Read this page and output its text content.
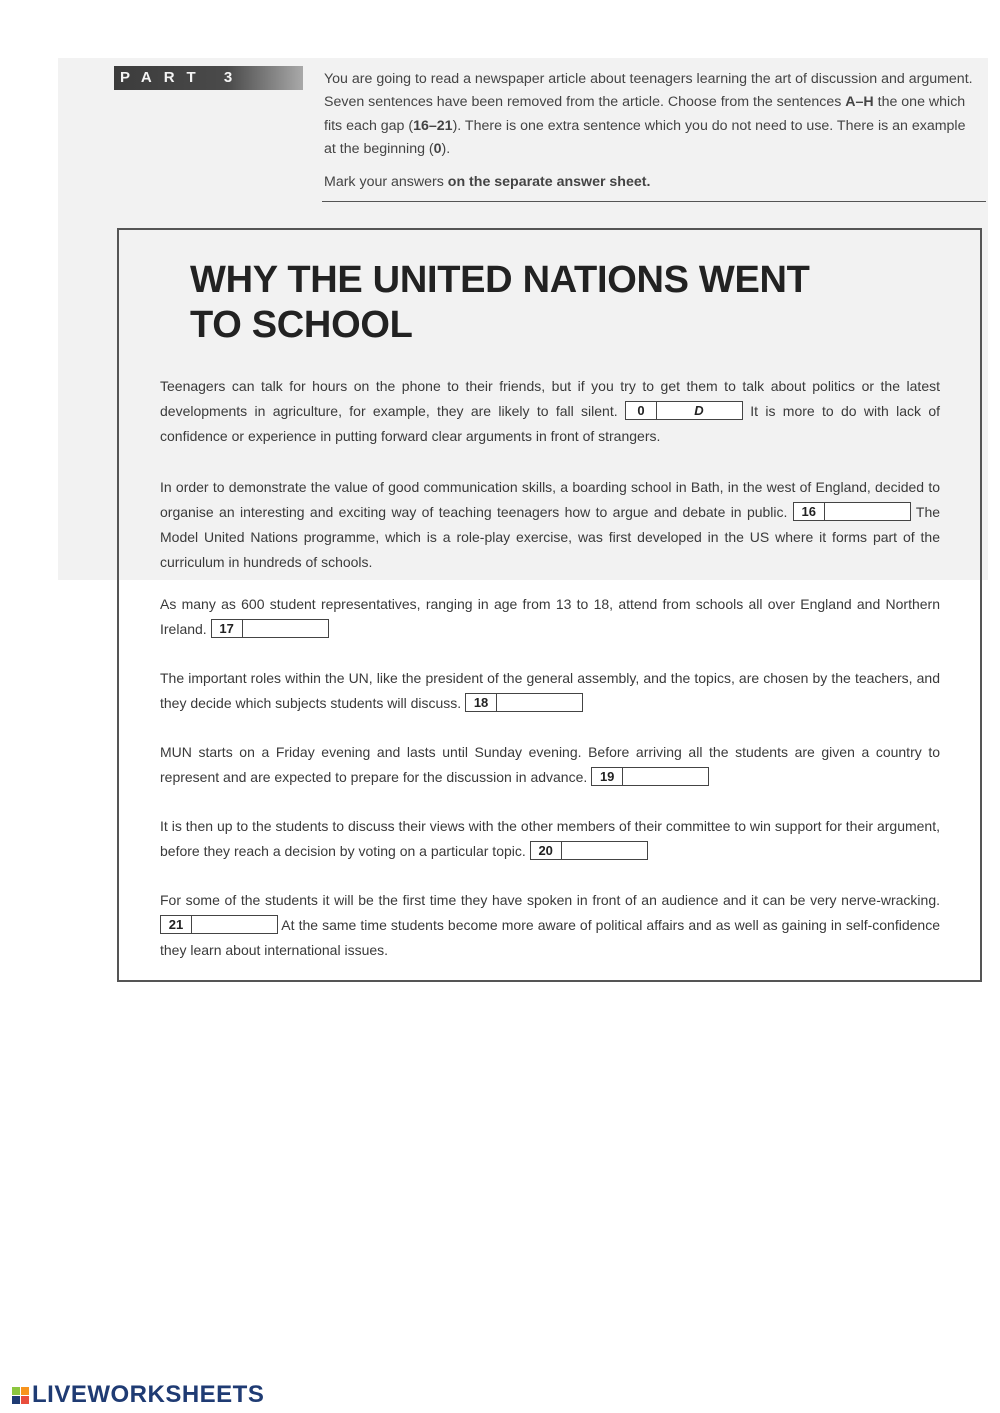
PART 3	You are going to read a newspaper article about teenagers learning the art of discussion and argument. Seven sentences have been removed from the article. Choose from the sentences A–H the one which fits each gap (16–21). There is one extra sentence which you do not need to use. There is an example at the beginning (0).

Mark your answers on the separate answer sheet.

WHY THE UNITED NATIONS WENT
TO SCHOOL
Teenagers can talk for hours on the phone to their friends, but if you try to get them to talk about politics or the latest developments in agriculture, for example, they are likely to fall silent.	0	D	It is more to do with lack of confidence or experience in putting forward clear arguments in front of strangers.
In order to demonstrate the value of good communication skills, a boarding school in Bath, in the west of England, decided to organise an interesting and exciting way of teaching teenagers how to argue and debate in public.	16	The Model United Nations programme, which is a role-play exercise, was first developed in the US where it forms part of the curriculum in hundreds of schools.
As many as 600 student representatives, ranging in age from 13 to 18, attend from schools all over England and Northern Ireland. 17
The important roles within the UN, like the president of the general assembly, and the topics, are chosen by the teachers, and they decide which subjects students will discuss. 18
MUN starts on a Friday evening and lasts until Sunday evening. Before arriving all the students are given a country to represent and are expected to prepare for the discussion in advance. 19
It is then up to the students to discuss their views with the other members of their committee to win support for their argument, before they reach a decision by voting on a particular topic. 20
For some of the students it will be the first time they have spoken in front of an audience and it can be very nerve-wracking.
21	At the same time students become more aware of political affairs and as well as gaining in self-confidence they learn about international issues.
LIVEWORKSHEETS
